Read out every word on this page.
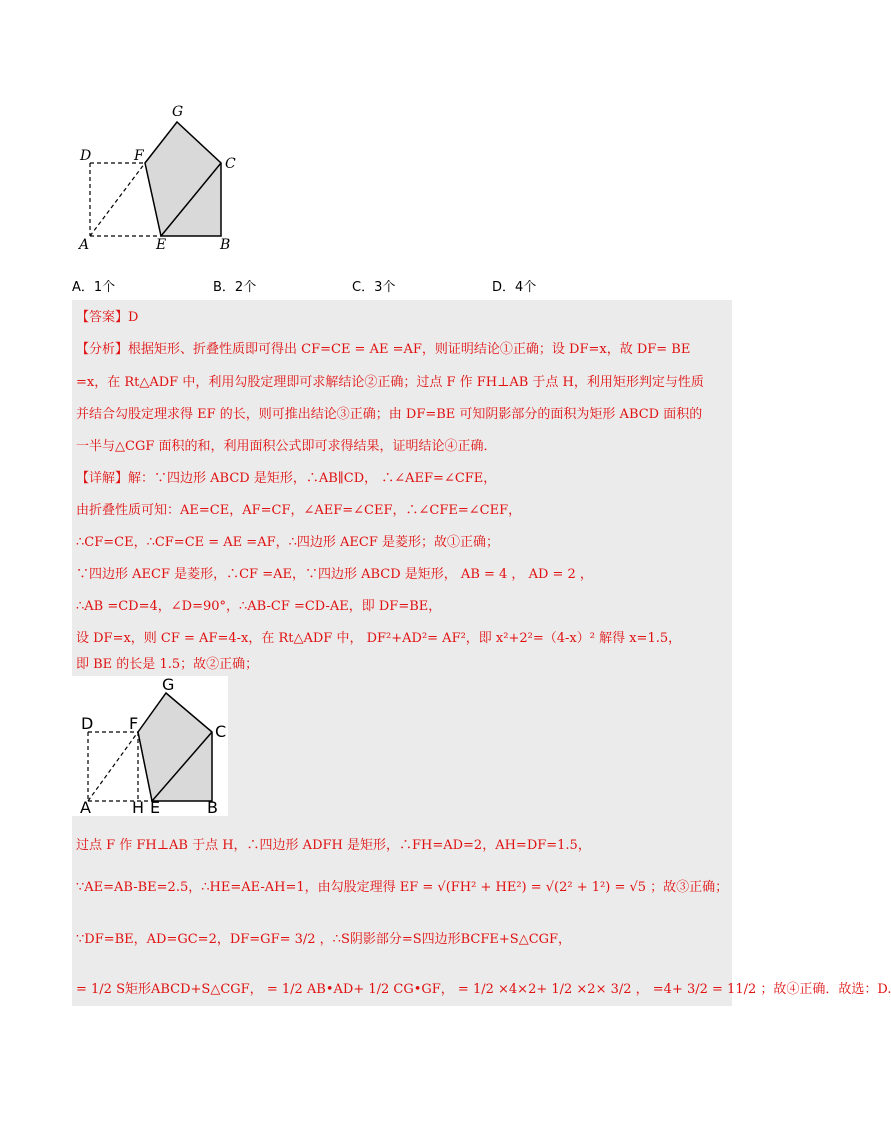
G
D	F	C
A	E	B
A．1个	B．2个	C．3个	D．4个
【答案】D
【分析】根据矩形、折叠性质即可得出 CF=CE = AE =AF，则证明结论①正确；设 DF=x，故 DF= BE
=x，在 Rt△ADF 中，利用勾股定理即可求解结论②正确；过点 F 作 FH⊥AB 于点 H，利用矩形判定与性质
并结合勾股定理求得 EF 的长，则可推出结论③正确；由 DF=BE 可知阴影部分的面积为矩形 ABCD 面积的
一半与△CGF 面积的和，利用面积公式即可求得结果，证明结论④正确．
【详解】解：∵四边形 ABCD 是矩形，∴AB∥CD， ∴∠AEF=∠CFE，
由折叠性质可知：AE=CE，AF=CF，∠AEF=∠CEF，∴∠CFE=∠CEF，
∴CF=CE，∴CF=CE = AE =AF，∴四边形 AECF 是菱形；故①正确；
∵四边形 AECF 是菱形，∴CF =AE，∵四边形 ABCD 是矩形， AB = 4 ， AD = 2 ，
∴AB =CD=4，∠D=90°，∴AB-CF =CD-AE，即 DF=BE，
设 DF=x，则 CF = AF=4-x，在 Rt△ADF 中， DF²+AD²= AF²，即 x²+2²=（4-x）² 解得 x=1.5，
即 BE 的长是 1.5；故②正确；
G
D F	C
A	H E	B
过点 F 作 FH⊥AB 于点 H，∴四边形 ADFH 是矩形，∴FH=AD=2，AH=DF=1.5，
∵AE=AB-BE=2.5，∴HE=AE-AH=1，由勾股定理得 EF = √(FH² + HE²) = √(2² + 1²) = √5 ；故③正确；
∵DF=BE，AD=GC=2，DF=GF= 3/2 ，∴S阴影部分=S四边形BCFE+S△CGF，
= 1/2 S矩形ABCD+S△CGF， = 1/2 AB•AD+ 1/2 CG•GF， = 1/2 ×4×2+ 1/2 ×2× 3/2 ， =4+ 3/2 = 11/2 ；故④正确．故选：D.
